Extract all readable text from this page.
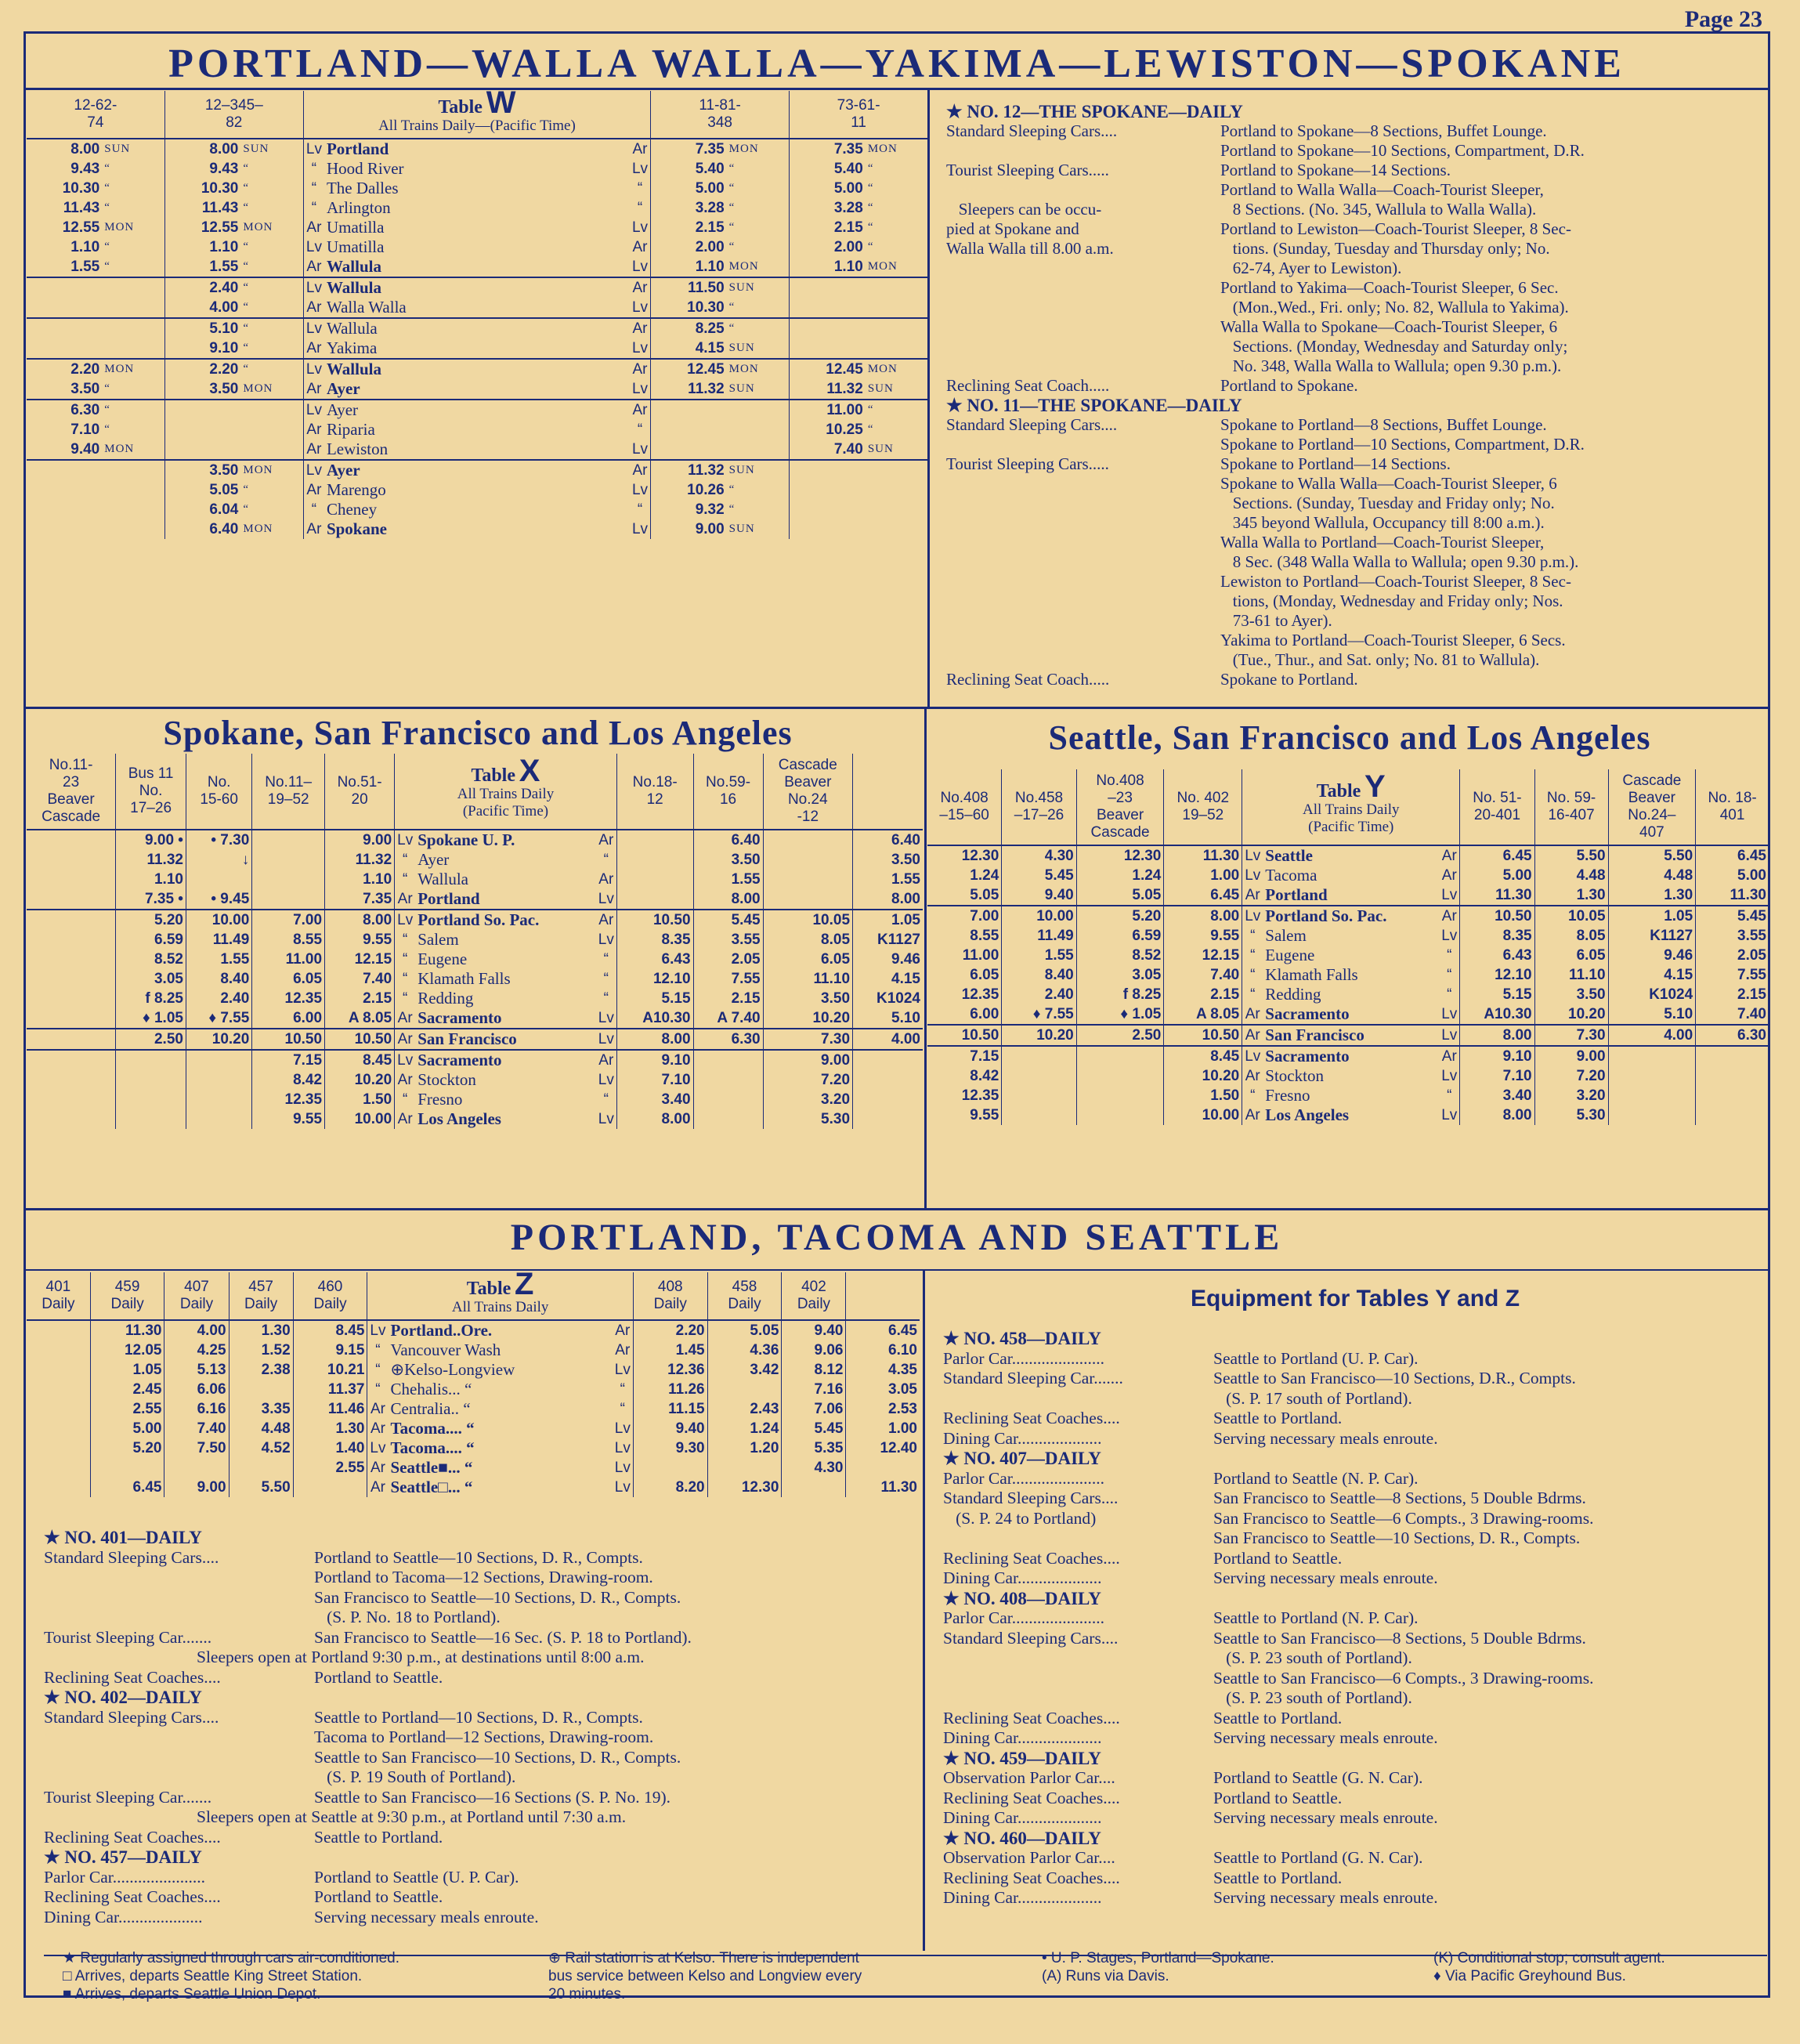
Page 23
PORTLAND—WALLA WALLA—YAKIMA—LEWISTON—SPOKANE
12-62-
74		12–345–
82		Table W
All Trains Daily—(Pacific Time)			11-81-
348		73-61-
11	
8.00	SUN	8.00	SUN	Lv	Portland	Ar	7.35	MON	7.35	MON
9.43	“	9.43	“	“	Hood River	Lv	5.40	“	5.40	“
10.30	“	10.30	“	“	The Dalles	“	5.00	“	5.00	“
11.43	“	11.43	“	“	Arlington	“	3.28	“	3.28	“
12.55	MON	12.55	MON	Ar	Umatilla	Lv	2.15	“	2.15	“
1.10	“	1.10	“	Lv	Umatilla	Ar	2.00	“	2.00	“
1.55	“	1.55	“	Ar	Wallula	Lv	1.10	MON	1.10	MON
		2.40	“	Lv	Wallula	Ar	11.50	SUN		
		4.00	“	Ar	Walla Walla	Lv	10.30	“		
		5.10	“	Lv	Wallula	Ar	8.25	“		
		9.10	“	Ar	Yakima	Lv	4.15	SUN		
2.20	MON	2.20	“	Lv	Wallula	Ar	12.45	MON	12.45	MON
3.50	“	3.50	MON	Ar	Ayer	Lv	11.32	SUN	11.32	SUN
6.30	“			Lv	Ayer	Ar			11.00	“
7.10	“			Ar	Riparia	“			10.25	“
9.40	MON			Ar	Lewiston	Lv			7.40	SUN
		3.50	MON	Lv	Ayer	Ar	11.32	SUN		
		5.05	“	Ar	Marengo	Lv	10.26	“		
		6.04	“	“	Cheney	“	9.32	“		
		6.40	MON	Ar	Spokane	Lv	9.00	SUN		
★ NO. 12—THE SPOKANE—DAILY
Standard Sleeping Cars....	Portland to Spokane—8 Sections, Buffet Lounge.
Portland to Spokane—10 Sections, Compartment, D.R.
Tourist Sleeping Cars.....	Portland to Spokane—14 Sections.
Portland to Walla Walla—Coach-Tourist Sleeper,
Sleepers can be occu-	8 Sections. (No. 345, Wallula to Walla Walla).
pied at Spokane and	Portland to Lewiston—Coach-Tourist Sleeper, 8 Sec-
Walla Walla till 8.00 a.m.	tions. (Sunday, Tuesday and Thursday only; No.
62-74, Ayer to Lewiston).
Portland to Yakima—Coach-Tourist Sleeper, 6 Sec.
(Mon.,Wed., Fri. only; No. 82, Wallula to Yakima).
Walla Walla to Spokane—Coach-Tourist Sleeper, 6
Sections. (Monday, Wednesday and Saturday only;
No. 348, Walla Walla to Wallula; open 9.30 p.m.).
Reclining Seat Coach.....	Portland to Spokane.
★ NO. 11—THE SPOKANE—DAILY
Standard Sleeping Cars....	Spokane to Portland—8 Sections, Buffet Lounge.
Spokane to Portland—10 Sections, Compartment, D.R.
Tourist Sleeping Cars.....	Spokane to Portland—14 Sections.
Spokane to Walla Walla—Coach-Tourist Sleeper, 6
Sections. (Sunday, Tuesday and Friday only; No.
345 beyond Wallula, Occupancy till 8:00 a.m.).
Walla Walla to Portland—Coach-Tourist Sleeper,
8 Sec. (348 Walla Walla to Wallula; open 9.30 p.m.).
Lewiston to Portland—Coach-Tourist Sleeper, 8 Sec-
tions, (Monday, Wednesday and Friday only; Nos.
73-61 to Ayer).
Yakima to Portland—Coach-Tourist Sleeper, 6 Secs.
(Tue., Thur., and Sat. only; No. 81 to Wallula).
Reclining Seat Coach.....	Spokane to Portland.
Spokane, San Francisco and Los Angeles	Seattle, San Francisco and Los Angeles
No.11-
23
Beaver
Cascade	Bus 11
No.
17–26	No.
15-60	No.11–
19–52	No.51-
20	Table X
All Trains Daily
(Pacific Time)			No.18-
12	No.59-
16	Cascade
Beaver
No.24
-12	
	9.00 •	• 7.30		9.00	Lv	Spokane U. P.	Ar		6.40		6.40
	11.32	↓		11.32	“	Ayer	“		3.50		3.50
	1.10			1.10	“	Wallula	Ar		1.55		1.55
	7.35 •	• 9.45		7.35	Ar	Portland	Lv		8.00		8.00
	5.20	10.00	7.00	8.00	Lv	Portland So. Pac.	Ar	10.50	5.45	10.05	1.05
	6.59	11.49	8.55	9.55	“	Salem	Lv	8.35	3.55	8.05	K1127
	8.52	1.55	11.00	12.15	“	Eugene	“	6.43	2.05	6.05	9.46
	3.05	8.40	6.05	7.40	“	Klamath Falls	“	12.10	7.55	11.10	4.15
	f 8.25	2.40	12.35	2.15	“	Redding	“	5.15	2.15	3.50	K1024
	♦ 1.05	♦ 7.55	6.00	A 8.05	Ar	Sacramento	Lv	A10.30	A 7.40	10.20	5.10
	2.50	10.20	10.50	10.50	Ar	San Francisco	Lv	8.00	6.30	7.30	4.00
			7.15	8.45	Lv	Sacramento	Ar	9.10		9.00	
			8.42	10.20	Ar	Stockton	Lv	7.10		7.20	
			12.35	1.50	“	Fresno	“	3.40		3.20	
			9.55	10.00	Ar	Los Angeles	Lv	8.00		5.30	
No.408
–15–60	No.458
–17–26	No.408
–23
Beaver
Cascade	No. 402
19–52	Table Y
All Trains Daily
(Pacific Time)			No. 51-
20-401	No. 59-
16-407	Cascade
Beaver
No.24–
407	No. 18-
401
12.30	4.30	12.30	11.30	Lv	Seattle	Ar	6.45	5.50	5.50	6.45
1.24	5.45	1.24	1.00	Lv	Tacoma	Ar	5.00	4.48	4.48	5.00
5.05	9.40	5.05	6.45	Ar	Portland	Lv	11.30	1.30	1.30	11.30
7.00	10.00	5.20	8.00	Lv	Portland So. Pac.	Ar	10.50	10.05	1.05	5.45
8.55	11.49	6.59	9.55	“	Salem	Lv	8.35	8.05	K1127	3.55
11.00	1.55	8.52	12.15	“	Eugene	“	6.43	6.05	9.46	2.05
6.05	8.40	3.05	7.40	“	Klamath Falls	“	12.10	11.10	4.15	7.55
12.35	2.40	f 8.25	2.15	“	Redding	“	5.15	3.50	K1024	2.15
6.00	♦ 7.55	♦ 1.05	A 8.05	Ar	Sacramento	Lv	A10.30	10.20	5.10	7.40
10.50	10.20	2.50	10.50	Ar	San Francisco	Lv	8.00	7.30	4.00	6.30
7.15			8.45	Lv	Sacramento	Ar	9.10	9.00		
8.42			10.20	Ar	Stockton	Lv	7.10	7.20		
12.35			1.50	“	Fresno	“	3.40	3.20		
9.55			10.00	Ar	Los Angeles	Lv	8.00	5.30		
PORTLAND, TACOMA AND SEATTLE
401
Daily	459
Daily	407
Daily	457
Daily	460
Daily	Table Z
All Trains Daily			408
Daily	458
Daily	402
Daily	
	11.30	4.00	1.30	8.45	Lv	Portland..Ore.	Ar	2.20	5.05	9.40	6.45
	12.05	4.25	1.52	9.15	“	Vancouver Wash	Ar	1.45	4.36	9.06	6.10
	1.05	5.13	2.38	10.21	“	⊕Kelso-Longview	Lv	12.36	3.42	8.12	4.35
	2.45	6.06		11.37	“	Chehalis... “	“	11.26		7.16	3.05
	2.55	6.16	3.35	11.46	Ar	Centralia.. “	“	11.15	2.43	7.06	2.53
	5.00	7.40	4.48	1.30	Ar	Tacoma.... “	Lv	9.40	1.24	5.45	1.00
	5.20	7.50	4.52	1.40	Lv	Tacoma.... “	Lv	9.30	1.20	5.35	12.40
				2.55	Ar	Seattle■... “	Lv			4.30	
	6.45	9.00	5.50		Ar	Seattle□... “	Lv	8.20	12.30		11.30
★ NO. 401—DAILY
Standard Sleeping Cars....	Portland to Seattle—10 Sections, D. R., Compts.
Portland to Tacoma—12 Sections, Drawing-room.
San Francisco to Seattle—10 Sections, D. R., Compts.
(S. P. No. 18 to Portland).
Tourist Sleeping Car.......	San Francisco to Seattle—16 Sec. (S. P. 18 to Portland).
Sleepers open at Portland 9:30 p.m., at destinations until 8:00 a.m.
Reclining Seat Coaches....	Portland to Seattle.
★ NO. 402—DAILY
Standard Sleeping Cars....	Seattle to Portland—10 Sections, D. R., Compts.
Tacoma to Portland—12 Sections, Drawing-room.
Seattle to San Francisco—10 Sections, D. R., Compts.
(S. P. 19 South of Portland).
Tourist Sleeping Car.......	Seattle to San Francisco—16 Sections (S. P. No. 19).
Sleepers open at Seattle at 9:30 p.m., at Portland until 7:30 a.m.
Reclining Seat Coaches....	Seattle to Portland.
★ NO. 457—DAILY
Parlor Car......................	Portland to Seattle (U. P. Car).
Reclining Seat Coaches....	Portland to Seattle.
Dining Car....................	Serving necessary meals enroute.
Equipment for Tables Y and Z
★ NO. 458—DAILY
Parlor Car......................	Seattle to Portland (U. P. Car).
Standard Sleeping Car.......	Seattle to San Francisco—10 Sections, D.R., Compts.
(S. P. 17 south of Portland).
Reclining Seat Coaches....	Seattle to Portland.
Dining Car....................	Serving necessary meals enroute.
★ NO. 407—DAILY
Parlor Car......................	Portland to Seattle (N. P. Car).
Standard Sleeping Cars....	San Francisco to Seattle—8 Sections, 5 Double Bdrms.
(S. P. 24 to Portland)	San Francisco to Seattle—6 Compts., 3 Drawing-rooms.
San Francisco to Seattle—10 Sections, D. R., Compts.
Reclining Seat Coaches....	Portland to Seattle.
Dining Car....................	Serving necessary meals enroute.
★ NO. 408—DAILY
Parlor Car......................	Seattle to Portland (N. P. Car).
Standard Sleeping Cars....	Seattle to San Francisco—8 Sections, 5 Double Bdrms.
(S. P. 23 south of Portland).
Seattle to San Francisco—6 Compts., 3 Drawing-rooms.
(S. P. 23 south of Portland).
Reclining Seat Coaches....	Seattle to Portland.
Dining Car....................	Serving necessary meals enroute.
★ NO. 459—DAILY
Observation Parlor Car....	Portland to Seattle (G. N. Car).
Reclining Seat Coaches....	Portland to Seattle.
Dining Car....................	Serving necessary meals enroute.
★ NO. 460—DAILY
Observation Parlor Car....	Seattle to Portland (G. N. Car).
Reclining Seat Coaches....	Seattle to Portland.
Dining Car....................	Serving necessary meals enroute.
★ Regularly assigned through cars air-conditioned.
□ Arrives, departs Seattle King Street Station.
■ Arrives, departs Seattle Union Depot.
⊕ Rail station is at Kelso. There is independent
bus service between Kelso and Longview every
20 minutes.
• U. P. Stages, Portland—Spokane.
(A) Runs via Davis.
(K) Conditional stop; consult agent.
♦ Via Pacific Greyhound Bus.
